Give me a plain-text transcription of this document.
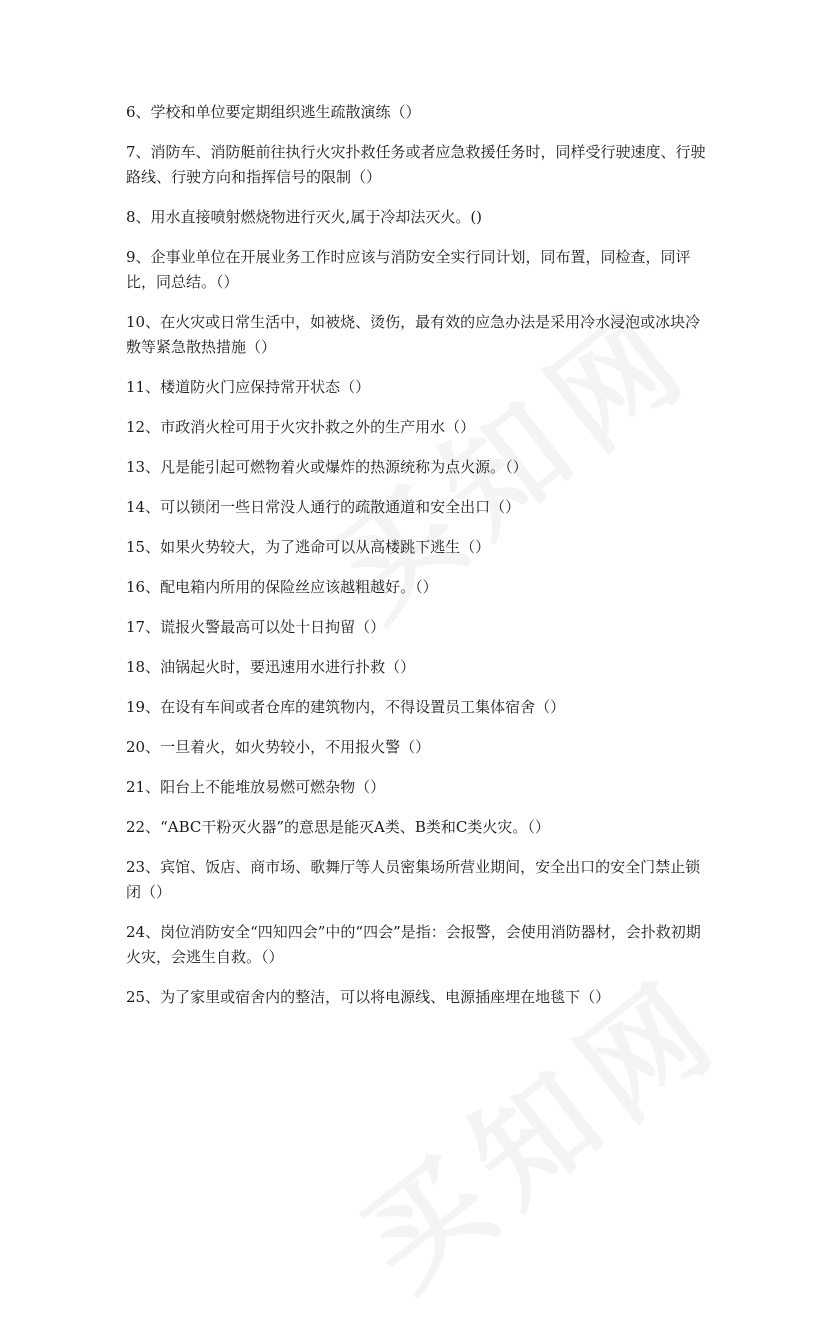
6、学校和单位要定期组织逃生疏散演练（）
7、消防车、消防艇前往执行火灾扑救任务或者应急救援任务时，同样受行驶速度、行驶路线、行驶方向和指挥信号的限制（）
8、用水直接喷射燃烧物进行灭火,属于冷却法灭火。()
9、企事业单位在开展业务工作时应该与消防安全实行同计划，同布置，同检查，同评比，同总结。（）
10、在火灾或日常生活中，如被烧、烫伤，最有效的应急办法是采用冷水浸泡或冰块冷敷等紧急散热措施（）
11、楼道防火门应保持常开状态（）
12、市政消火栓可用于火灾扑救之外的生产用水（）
13、凡是能引起可燃物着火或爆炸的热源统称为点火源。（）
14、可以锁闭一些日常没人通行的疏散通道和安全出口（）
15、如果火势较大，为了逃命可以从高楼跳下逃生（）
16、配电箱内所用的保险丝应该越粗越好。（）
17、谎报火警最高可以处十日拘留（）
18、油锅起火时，要迅速用水进行扑救（）
19、在设有车间或者仓库的建筑物内，不得设置员工集体宿舍（）
20、一旦着火，如火势较小，不用报火警（）
21、阳台上不能堆放易燃可燃杂物（）
22、“ABC干粉灭火器”的意思是能灭A类、B类和C类火灾。（）
23、宾馆、饭店、商市场、歌舞厅等人员密集场所营业期间，安全出口的安全门禁止锁闭（）
24、岗位消防安全“四知四会”中的“四会”是指：会报警，会使用消防器材，会扑救初期火灾，会逃生自救。（）
25、为了家里或宿舍内的整洁，可以将电源线、电源插座埋在地毯下（）
